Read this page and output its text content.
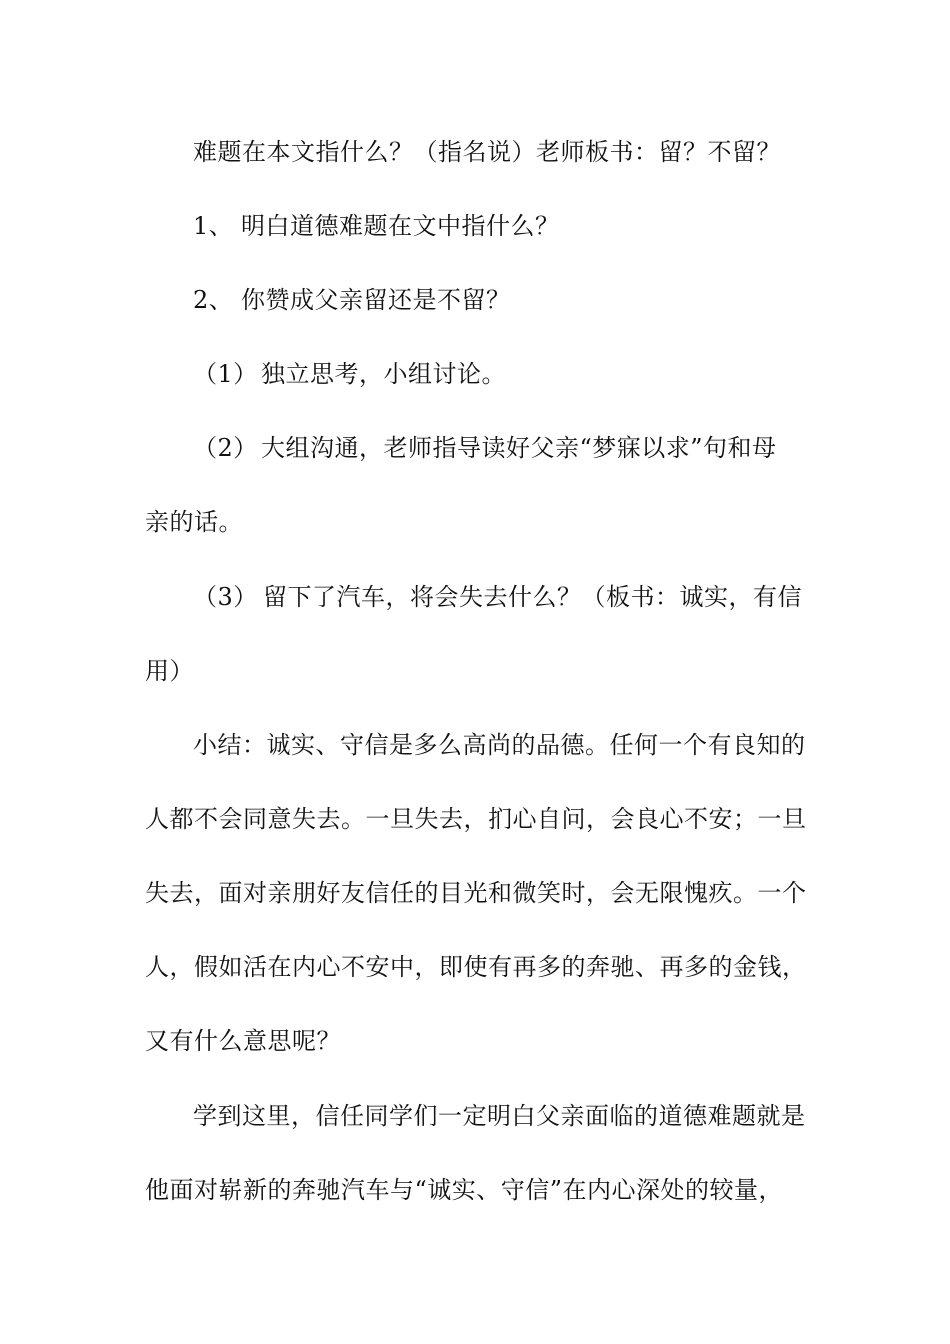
难题在本文指什么？（指名说）老师板书：留？不留？
1、 明白道德难题在文中指什么？
2、 你赞成父亲留还是不留？
（1） 独立思考，小组讨论。
（2） 大组沟通，老师指导读好父亲“梦寐以求”句和母
亲的话。
（3） 留下了汽车，将会失去什么？（板书：诚实，有信
用）
小结：诚实、守信是多么高尚的品德。任何一个有良知的
人都不会同意失去。一旦失去，扪心自问，会良心不安；一旦
失去，面对亲朋好友信任的目光和微笑时，会无限愧疚。一个
人，假如活在内心不安中，即使有再多的奔驰、再多的金钱，
又有什么意思呢？
学到这里，信任同学们一定明白父亲面临的道德难题就是
他面对崭新的奔驰汽车与“诚实、守信”在内心深处的较量，
